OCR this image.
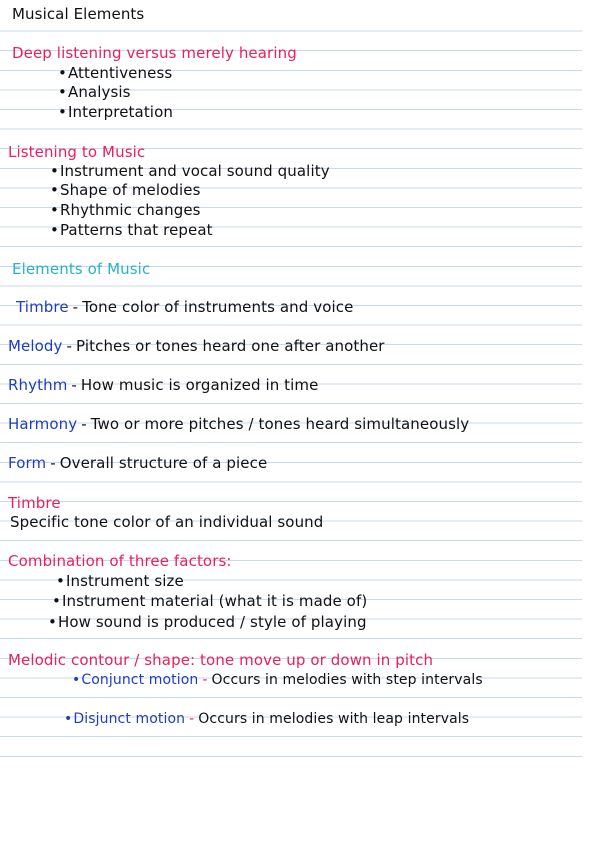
Musical Elements
Deep listening versus merely hearing
•Attentiveness
•Analysis
•Interpretation
Listening to Music
•Instrument and vocal sound quality
•Shape of melodies
•Rhythmic changes
•Patterns that repeat
Elements of Music
Timbre - Tone color of instruments and voice
Melody - Pitches or tones heard one after another
Rhythm - How music is organized in time
Harmony - Two or more pitches / tones heard simultaneously
Form - Overall structure of a piece
Timbre
Specific tone color of an individual sound
Combination of three factors:
•Instrument size
•Instrument material (what it is made of)
•How sound is produced / style of playing
Melodic contour / shape: tone move up or down in pitch
•Conjunct motion - Occurs in melodies with step intervals
•Disjunct motion - Occurs in melodies with leap intervals
